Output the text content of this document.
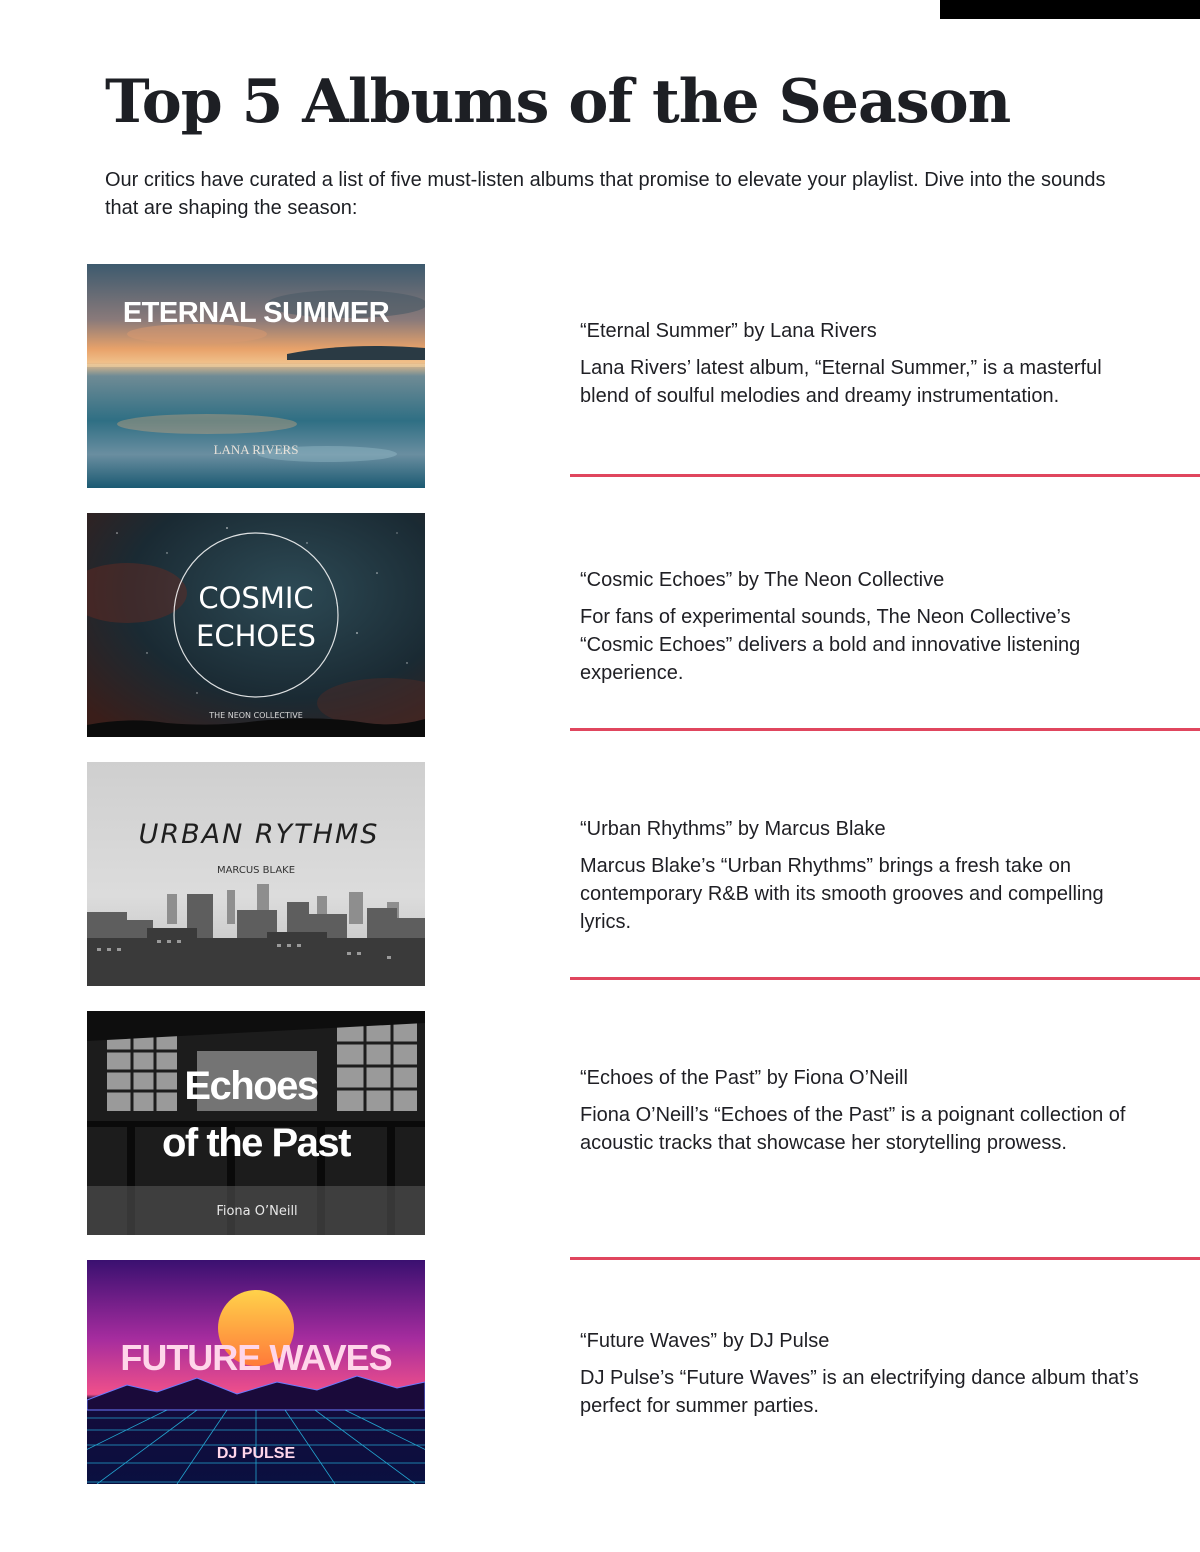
Top 5 Albums of the Season

Our critics have curated a list of five must-listen albums that promise to elevate your playlist. Dive into the sounds that are shaping the season:

ETERNAL SUMMER
LANA RIVERS
“Eternal Summer” by Lana Rivers

Lana Rivers’ latest album, “Eternal Summer,” is a masterful blend of soulful melodies and dreamy instrumentation.

COSMIC
ECHOES
THE NEON COLLECTIVE
“Cosmic Echoes” by The Neon Collective

For fans of experimental sounds, The Neon Collective’s “Cosmic Echoes” delivers a bold and innovative listening experience.

URBAN RYTHMS
MARCUS BLAKE
“Urban Rhythms” by Marcus Blake

Marcus Blake’s “Urban Rhythms” brings a fresh take on contemporary R&B with its smooth grooves and compelling lyrics.

Echoes
of the Past
Fiona O’Neill
“Echoes of the Past” by Fiona O’Neill

Fiona O’Neill’s “Echoes of the Past” is a poignant collection of acoustic tracks that showcase her storytelling prowess.

FUTURE WAVES
DJ PULSE
“Future Waves” by DJ Pulse

DJ Pulse’s “Future Waves” is an electrifying dance album that’s perfect for summer parties.
